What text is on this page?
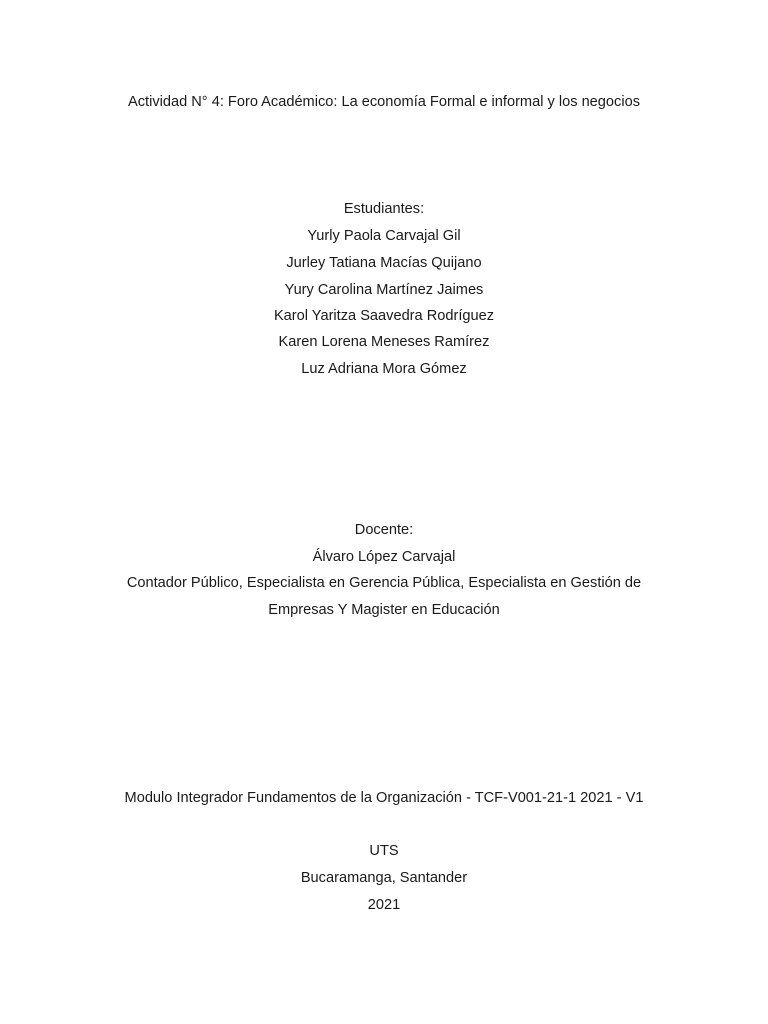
Actividad N° 4: Foro Académico: La economía Formal e informal y los negocios
Estudiantes:
Yurly Paola Carvajal Gil
Jurley Tatiana Macías Quijano
Yury Carolina Martínez Jaimes
Karol Yaritza Saavedra Rodríguez
Karen Lorena Meneses Ramírez
Luz Adriana Mora Gómez
Docente:
Álvaro López Carvajal
Contador Público, Especialista en Gerencia Pública, Especialista en Gestión de
Empresas Y Magister en Educación
Modulo Integrador Fundamentos de la Organización - TCF-V001-21-1 2021 - V1
UTS
Bucaramanga, Santander
2021
